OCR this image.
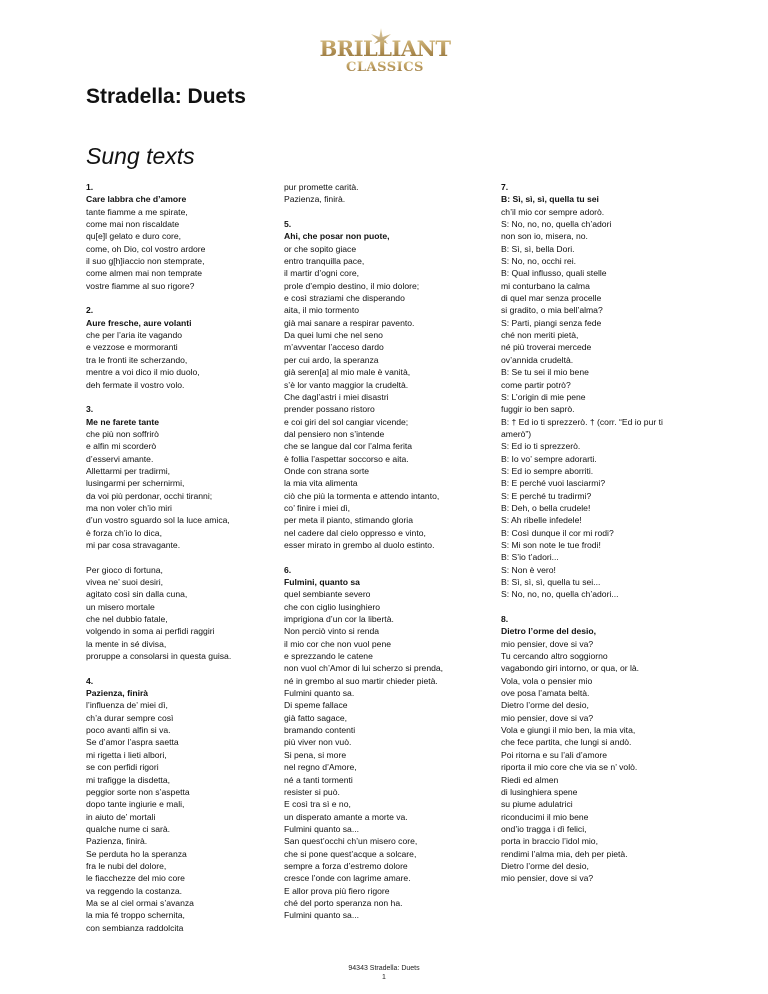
BRILLIANT
CLASSICS
Stradella: Duets
Sung texts
1.
Care labbra che d’amore
tante fiamme a me spirate,
come mai non riscaldate
qu[e]l gelato e duro core,
come, oh Dio, col vostro ardore
il suo g[h]iaccio non stemprate,
come almen mai non temprate
vostre fiamme al suo rigore?
2.
Aure fresche, aure volanti
che per l’aria ite vagando
e vezzose e mormoranti
tra le fronti ite scherzando,
mentre a voi dico il mio duolo,
deh fermate il vostro volo.
3.
Me ne farete tante
che più non soffrirò
e alfin mi scorderò
d’esservi amante.
Allettarmi per tradirmi,
lusingarmi per schernirmi,
da voi più perdonar, occhi tiranni;
ma non voler ch’io miri
d’un vostro sguardo sol la luce amica,
è forza ch’io lo dica,
mi par cosa stravagante.
Per gioco di fortuna,
vivea ne’ suoi desiri,
agitato così sin dalla cuna,
un misero mortale
che nel dubbio fatale,
volgendo in soma ai perfidi raggiri
la mente in sé divisa,
proruppe a consolarsi in questa guisa.
4.
Pazienza, finirà
l’influenza de’ miei dì,
ch’a durar sempre così
poco avanti alfin si va.
Se d’amor l’aspra saetta
mi rigetta i lieti albori,
se con perfidi rigori
mi trafigge la disdetta,
peggior sorte non s’aspetta
dopo tante ingiurie e mali,
in aiuto de’ mortali
qualche nume ci sarà.
Pazienza, finirà.
Se perduta ho la speranza
fra le nubi del dolore,
le fiacchezze del mio core
va reggendo la costanza.
Ma se al ciel ormai s’avanza
la mia fé troppo schernita,
con sembianza raddolcita
pur promette carità.
Pazienza, finirà.
5.
Ahi, che posar non puote,
or che sopito giace
entro tranquilla pace,
il martir d’ogni core,
prole d’empio destino, il mio dolore;
e così straziami che disperando
aita, il mio tormento
già mai sanare a respirar pavento.
Da quei lumi che nel seno
m’avventar l’acceso dardo
per cui ardo, la speranza
già seren[a] al mio male è vanità,
s’è lor vanto maggior la crudeltà.
Che dagl’astri i miei disastri
prender possano ristoro
e coi giri del sol cangiar vicende;
dal pensiero non s’intende
che se langue dal cor l’alma ferita
è follia l’aspettar soccorso e aita.
Onde con strana sorte
la mia vita alimenta
ciò che più la tormenta e attendo intanto,
co’ finire i miei dì,
per meta il pianto, stimando gloria
nel cadere dal cielo oppresso e vinto,
esser mirato in grembo al duolo estinto.
6.
Fulmini, quanto sa
quel sembiante severo
che con ciglio lusinghiero
imprigiona d’un cor la libertà.
Non perciò vinto si renda
il mio cor che non vuol pene
e sprezzando le catene
non vuol ch’Amor di lui scherzo si prenda,
né in grembo al suo martir chieder pietà.
Fulmini quanto sa.
Di speme fallace
già fatto sagace,
bramando contenti
più viver non vuò.
Si pena, si more
nel regno d’Amore,
né a tanti tormenti
resister si può.
E così tra sì e no,
un disperato amante a morte va.
Fulmini quanto sa...
San quest’occhi ch’un misero core,
che si pone quest’acque a solcare,
sempre a forza d’estremo dolore
cresce l’onde con lagrime amare.
E allor prova più fiero rigore
ché del porto speranza non ha.
Fulmini quanto sa...
7.
B: Sì, sì, sì, quella tu sei
ch’il mio cor sempre adorò.
S: No, no, no, quella ch’adori
non son io, misera, no.
B: Sì, sì, bella Dori.
S: No, no, occhi rei.
B: Qual influsso, quali stelle
mi conturbano la calma
di quel mar senza procelle
si gradito, o mia bell’alma?
S: Parti, piangi senza fede
ché non meriti pietà,
né più troverai mercede
ov’annida crudeltà.
B: Se tu sei il mio bene
come partir potrò?
S: L’origin di mie pene
fuggir io ben saprò.
B: † Ed io ti sprezzerò. † (corr. “Ed io pur ti
amerò”)
S: Ed io ti sprezzerò.
B: Io vo’ sempre adorarti.
S: Ed io sempre aborriti.
B: E perché vuoi lasciarmi?
S: E perché tu tradirmi?
B: Deh, o bella crudele!
S: Ah ribelle infedele!
B: Così dunque il cor mi rodi?
S: Mi son note le tue frodi!
B: S’io t’adori...
S: Non è vero!
B: Sì, sì, sì, quella tu sei...
S: No, no, no, quella ch’adori...
8.
Dietro l’orme del desio,
mio pensier, dove si va?
Tu cercando altro soggiorno
vagabondo giri intorno, or qua, or là.
Vola, vola o pensier mio
ove posa l’amata beltà.
Dietro l’orme del desio,
mio pensier, dove si va?
Vola e giungi il mio ben, la mia vita,
che fece partita, che lungi si andò.
Poi ritorna e su l’ali d’amore
riporta il mio core che via se n’ volò.
Riedi ed almen
di lusinghiera spene
su piume adulatrici
riconducimi il mio bene
ond’io tragga i dì felici,
porta in braccio l’idol mio,
rendimi l’alma mia, deh per pietà.
Dietro l’orme del desio,
mio pensier, dove si va?
94343 Stradella: Duets
1
